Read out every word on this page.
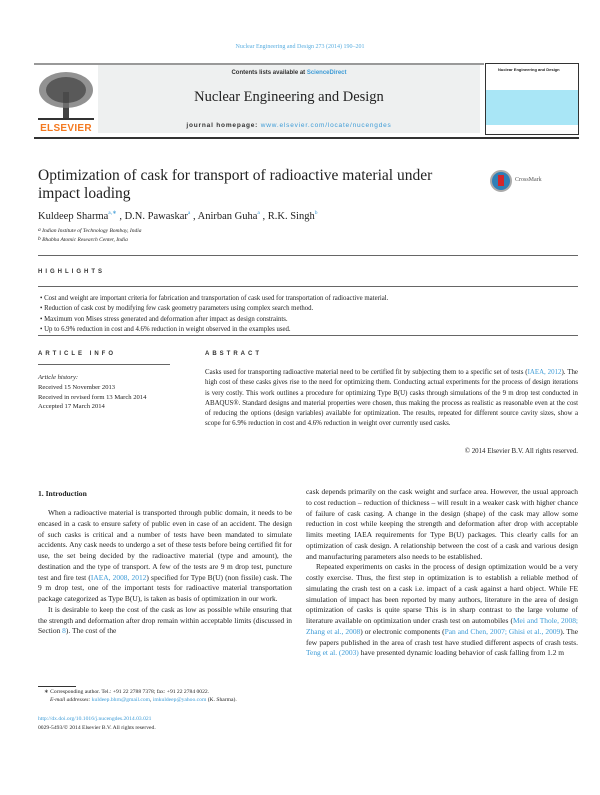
Nuclear Engineering and Design 273 (2014) 190–201
ELSEVIER
Contents lists available at ScienceDirect
Nuclear Engineering and Design
journal homepage: www.elsevier.com/locate/nucengdes
Nuclear Engineering and Design
Optimization of cask for transport of radioactive material under impact loading
CrossMark
Kuldeep Sharma$^{a,∗}$ , D.N. Pawaskar$^a$ , Anirban Guha$^a$ , R.K. Singh$^b$
$^a$ Indian Institute of Technology Bombay, India
$^b$ Bhabha Atomic Research Center, India
HIGHLIGHTS
• Cost and weight are important criteria for fabrication and transportation of cask used for transportation of radioactive material.
• Reduction of cask cost by modifying few cask geometry parameters using complex search method.
• Maximum von Mises stress generated and deformation after impact as design constraints.
• Up to 6.9% reduction in cost and 4.6% reduction in weight observed in the examples used.
ARTICLE INFO
Article history:
Received 15 November 2013
Received in revised form 13 March 2014
Accepted 17 March 2014
ABSTRACT
Casks used for transporting radioactive material need to be certified fit by subjecting them to a specific set of tests (IAEA, 2012). The high cost of these casks gives rise to the need for optimizing them. Conducting actual experiments for the process of design iterations is very costly. This work outlines a procedure for optimizing Type B(U) casks through simulations of the 9 m drop test conducted in ABAQUS®. Standard designs and material properties were chosen, thus making the process as realistic as reasonable even at the cost of reducing the options (design variables) available for optimization. The results, repeated for different source cavity sizes, show a scope for 6.9% reduction in cost and 4.6% reduction in weight over currently used casks.
© 2014 Elsevier B.V. All rights reserved.
1. Introduction

When a radioactive material is transported through public domain, it needs to be encased in a cask to ensure safety of public even in case of an accident. The design of such casks is critical and a number of tests have been mandated to simulate accidents. Any cask needs to undergo a set of these tests before being certified fit for use, the set being decided by the radioactive material (type and amount), the destination and the type of transport. A few of the tests are 9 m drop test, puncture test and fire test (IAEA, 2008, 2012) specified for Type B(U) (non fissile) cask. The 9 m drop test, one of the important tests for radioactive material transportation package categorized as Type B(U), is taken as basis of optimization in our work.

It is desirable to keep the cost of the cask as low as possible while ensuring that the strength and deformation after drop remain within acceptable limits (discussed in Section 8). The cost of the

cask depends primarily on the cask weight and surface area. However, the usual approach to cost reduction – reduction of thickness – will result in a weaker cask with higher chance of failure of cask casing. A change in the design (shape) of the cask may allow some reduction in cost while keeping the strength and deformation after drop with acceptable limits meeting IAEA requirements for Type B(U) packages. This clearly calls for an optimization of cask design. A relationship between the cost of a cask and various design and manufacturing parameters also needs to be established.

Repeated experiments on casks in the process of design optimization would be a very costly exercise. Thus, the first step in optimization is to establish a reliable method of simulating the crash test on a cask i.e. impact of a cask against a hard object. While FE simulation of impact has been reported by many authors, literature in the area of design optimization of casks is quite sparse This is in sharp contrast to the large volume of literature available on optimization under crash test on automobiles (Mei and Thole, 2008; Zhang et al., 2008) or electronic components (Pan and Chen, 2007; Ghisi et al., 2009). The few papers published in the area of crash test have studied different aspects of crash tests. Teng et al. (2003) have presented dynamic loading behavior of cask falling from 1.2 m

∗ Corresponding author. Tel.: +91 22 2788 7378; fax: +91 22 2784 0022.
E-mail addresses: kuldeep.bhrn@gmail.com, imkuldeep@yahoo.com (K. Sharma).
http://dx.doi.org/10.1016/j.nucengdes.2014.03.021
0029-5493/© 2014 Elsevier B.V. All rights reserved.
